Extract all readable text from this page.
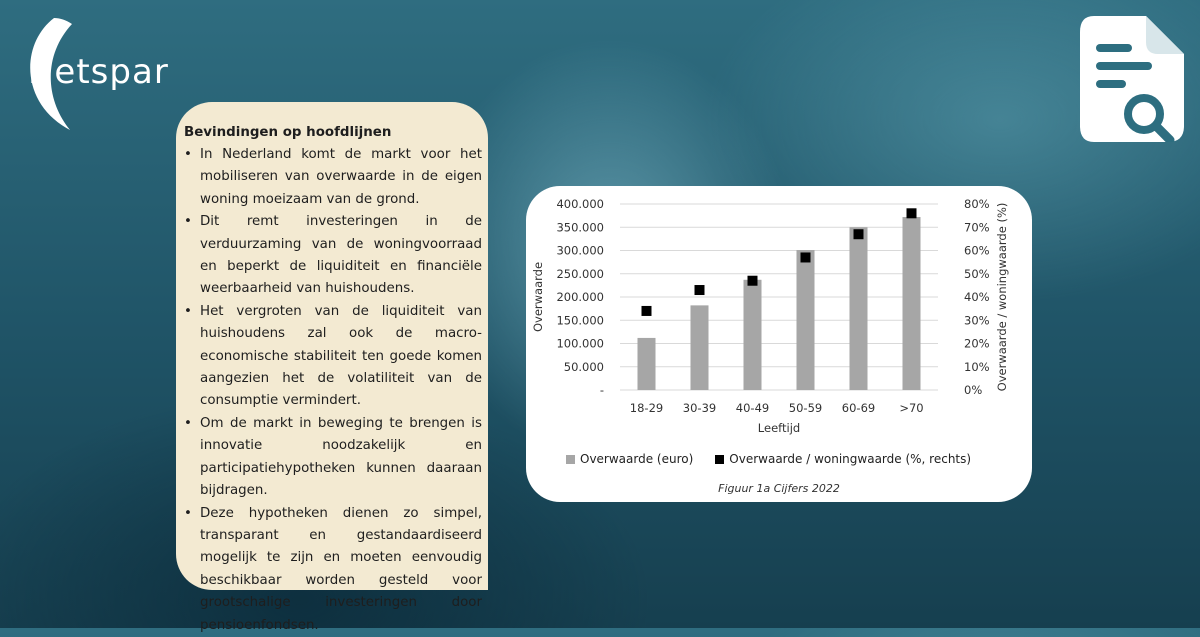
Netspar
Bevindingen op hoofdlijnen
• In Nederland komt de markt voor het mobiliseren van overwaarde in de eigen woning moeizaam van de grond.
• Dit remt investeringen in de verduurzaming van de woningvoorraad en beperkt de liquiditeit en financiële weerbaarheid van huishoudens.
• Het vergroten van de liquiditeit van huishoudens zal ook de macro-economische stabiliteit ten goede komen aangezien het de volatiliteit van de consumptie vermindert.
• Om de markt in beweging te brengen is innovatie noodzakelijk en participatiehypotheken kunnen daaraan bijdragen.
• Deze hypotheken dienen zo simpel, transparant en gestandaardiseerd mogelijk te zijn en moeten eenvoudig beschikbaar worden gesteld voor grootschalige investeringen door pensioenfondsen.
-
50.000
100.000
150.000
200.000
250.000
300.000
350.000
400.000
0%
10%
20%
30%
40%
50%
60%
70%
80%
18-29 30-39 40-49 50-59 60-69 >70
Leeftijd
Overwaarde	Overwaarde / woningwaarde (%)
Overwaarde (euro)	Overwaarde / woningwaarde (%, rechts)
Figuur 1a Cijfers 2022
